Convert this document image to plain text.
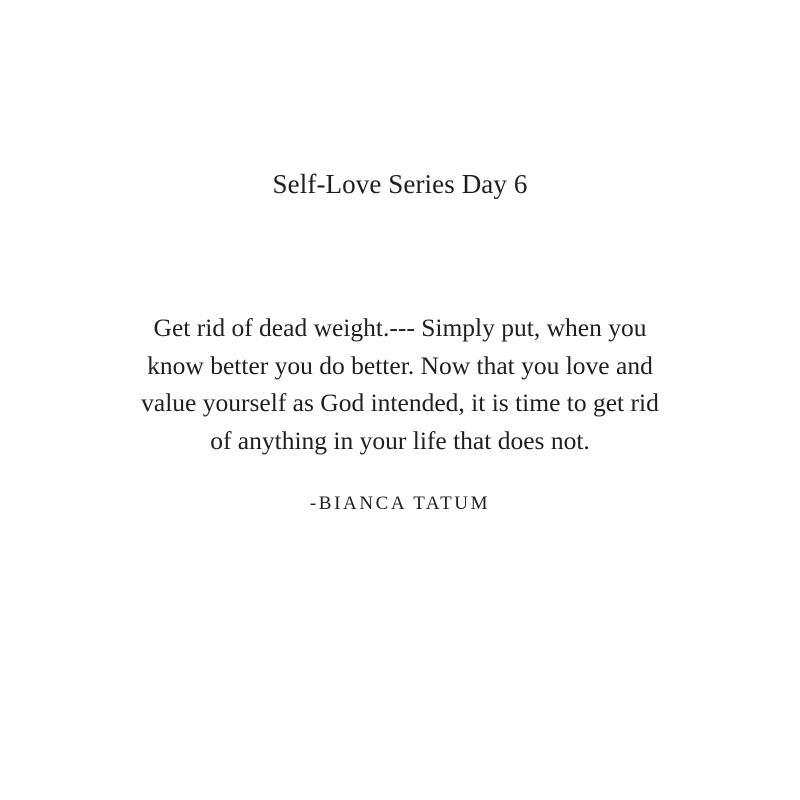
Self-Love Series Day 6
Get rid of dead weight.--- Simply put, when you
know better you do better. Now that you love and
value yourself as God intended, it is time to get rid
of anything in your life that does not.
-BIANCA TATUM
